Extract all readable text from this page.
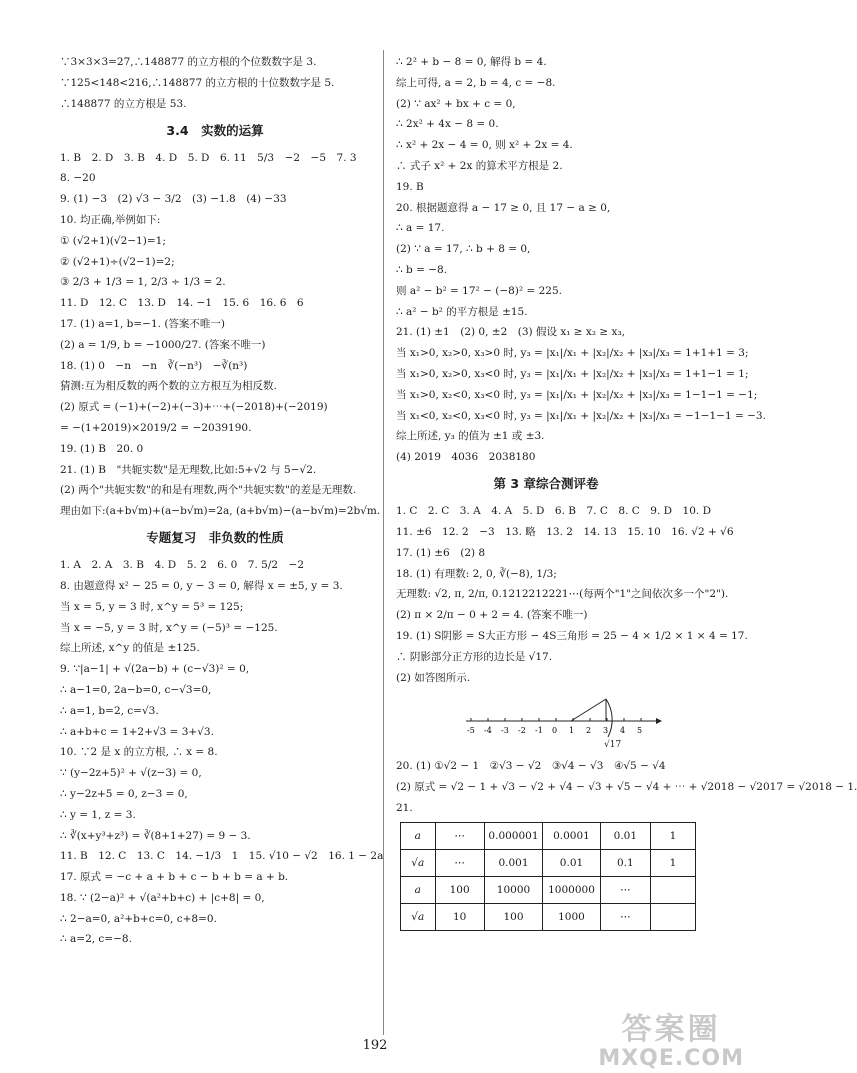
∵3×3×3=27,∴148877 的立方根的个位数数字是 3.
∵125<148<216,∴148877 的立方根的十位数数字是 5.
∴148877 的立方根是 53.
3.4　实数的运算
1. B　2. D　3. B　4. D　5. D　6. 11　5/3　−2　−5　7. 3
8. −20
9. (1) −3　(2) √3 − 3/2　(3) −1.8　(4) −33
10. 均正确,举例如下:
① (√2+1)(√2−1)=1;
② (√2+1)÷(√2−1)=2;
③ 2/3 + 1/3 = 1, 2/3 ÷ 1/3 = 2.
11. D　12. C　13. D　14. −1　15. 6　16. 6　6
17. (1) a=1, b=−1. (答案不唯一)
(2) a = 1/9, b = −1000/27. (答案不唯一)
18. (1) 0　−n　−n　∛(−n³)　−∛(n³)
猜测:互为相反数的两个数的立方根互为相反数.
(2) 原式 = (−1)+(−2)+(−3)+⋯+(−2018)+(−2019)
= −(1+2019)×2019/2 = −2039190.
19. (1) B　20. 0
21. (1) B　"共轭实数"是无理数,比如:5+√2 与 5−√2.
(2) 两个"共轭实数"的和是有理数,两个"共轭实数"的差是无理数.
理由如下:(a+b√m)+(a−b√m)=2a, (a+b√m)−(a−b√m)=2b√m.
专题复习　非负数的性质
1. A　2. A　3. B　4. D　5. 2　6. 0　7. 5/2　−2
8. 由题意得 x² − 25 = 0, y − 3 = 0, 解得 x = ±5, y = 3.
当 x = 5, y = 3 时, x^y = 5³ = 125;
当 x = −5, y = 3 时, x^y = (−5)³ = −125.
综上所述, x^y 的值是 ±125.
9. ∵|a−1| + √(2a−b) + (c−√3)² = 0,
∴ a−1=0, 2a−b=0, c−√3=0,
∴ a=1, b=2, c=√3.
∴ a+b+c = 1+2+√3 = 3+√3.
10. ∵2 是 x 的立方根, ∴ x = 8.
∵ (y−2z+5)² + √(z−3) = 0,
∴ y−2z+5 = 0, z−3 = 0,
∴ y = 1, z = 3.
∴ ∛(x+y³+z³) = ∛(8+1+27) = 9 − 3.
11. B　12. C　13. C　14. −1/3　1　15. √10 − √2　16. 1 − 2a
17. 原式 = −c + a + b + c − b + b = a + b.
18. ∵ (2−a)² + √(a²+b+c) + |c+8| = 0,
∴ 2−a=0, a²+b+c=0, c+8=0.
∴ a=2, c=−8.
∴ 2² + b − 8 = 0, 解得 b = 4.
综上可得, a = 2, b = 4, c = −8.
(2) ∵ ax² + bx + c = 0,
∴ 2x² + 4x − 8 = 0.
∴ x² + 2x − 4 = 0, 则 x² + 2x = 4.
∴ 式子 x² + 2x 的算术平方根是 2.
19. B
20. 根据题意得 a − 17 ≥ 0, 且 17 − a ≥ 0,
∴ a = 17.
(2) ∵ a = 17, ∴ b + 8 = 0,
∴ b = −8.
则 a² − b² = 17² − (−8)² = 225.
∴ a² − b² 的平方根是 ±15.
21. (1) ±1　(2) 0, ±2　(3) 假设 x₁ ≥ x₂ ≥ x₃,
当 x₁>0, x₂>0, x₃>0 时, y₃ = |x₁|/x₁ + |x₂|/x₂ + |x₃|/x₃ = 1+1+1 = 3;
当 x₁>0, x₂>0, x₃<0 时, y₃ = |x₁|/x₁ + |x₂|/x₂ + |x₃|/x₃ = 1+1−1 = 1;
当 x₁>0, x₂<0, x₃<0 时, y₃ = |x₁|/x₁ + |x₂|/x₂ + |x₃|/x₃ = 1−1−1 = −1;
当 x₁<0, x₂<0, x₃<0 时, y₃ = |x₁|/x₁ + |x₂|/x₂ + |x₃|/x₃ = −1−1−1 = −3.
综上所述, y₃ 的值为 ±1 或 ±3.
(4) 2019　4036　2038180
第 3 章综合测评卷
1. C　2. C　3. A　4. A　5. D　6. B　7. C　8. C　9. D　10. D
11. ±6　12. 2　−3　13. 略　13. 2　14. 13　15. 10　16. √2 + √6
17. (1) ±6　(2) 8
18. (1) 有理数: 2, 0, ∛(−8), 1/3;
无理数: √2, π, 2/π, 0.1212212221⋯(每两个"1"之间依次多一个"2").
(2) π × 2/π − 0 + 2 = 4. (答案不唯一)
19. (1) S阴影 = S大正方形 − 4S三角形 = 25 − 4 × 1/2 × 1 × 4 = 17.
∴ 阴影部分正方形的边长是 √17.
(2) 如答图所示.
-5 -4 -3 -2 -1 0 1 2 3 4 5
√17
20. (1) ①√2 − 1　②√3 − √2　③√4 − √3　④√5 − √4
(2) 原式 = √2 − 1 + √3 − √2 + √4 − √3 + √5 − √4 + ⋯ + √2018 − √2017 = √2018 − 1.
21.
a	⋯	0.000001	0.0001	0.01	1
√a	⋯	0.001	0.01	0.1	1
a	100	10000	1000000	⋯	
√a	10	100	1000	⋯	
192	答案圈
MXQE.COM
